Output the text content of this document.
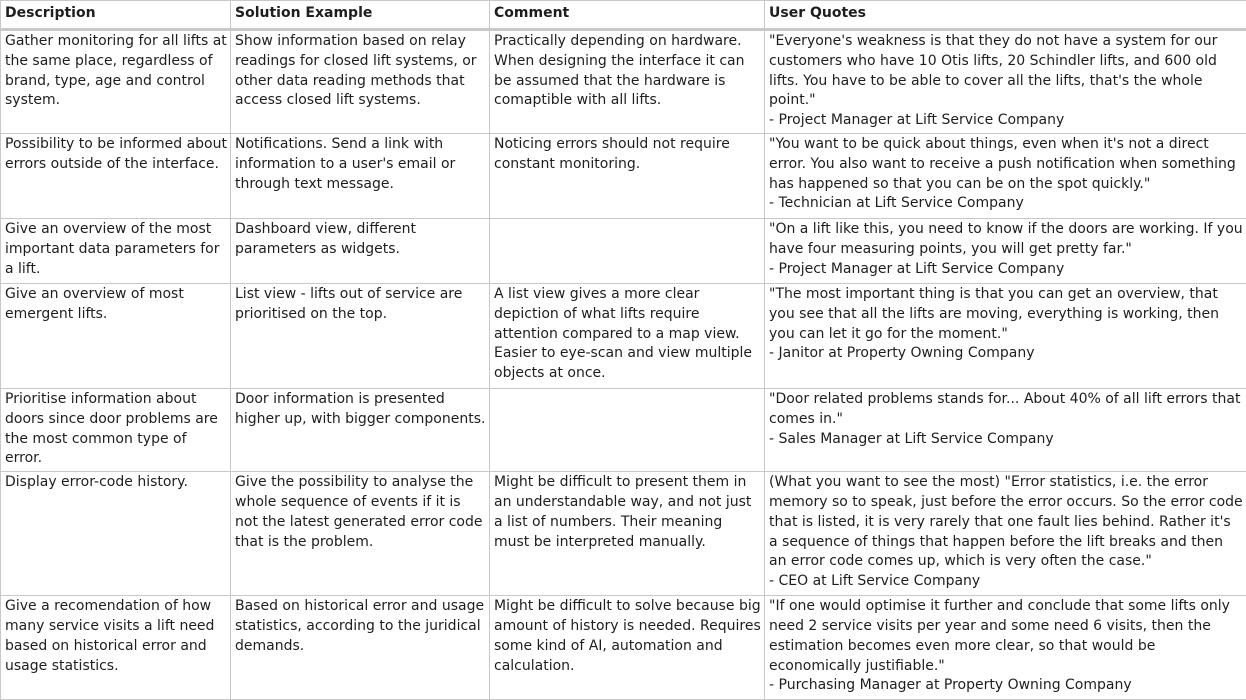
Description	Solution Example	Comment	User Quotes
Gather monitoring for all lifts at the same place, regardless of brand, type, age and control system.	Show information based on relay readings for closed lift systems, or other data reading methods that access closed lift systems.	Practically depending on hardware. When designing the interface it can be assumed that the hardware is comaptible with all lifts.	"Everyone's weakness is that they do not have a system for our customers who have 10 Otis lifts, 20 Schindler lifts, and 600 old lifts. You have to be able to cover all the lifts, that's the whole point."
- Project Manager at Lift Service Company
Possibility to be informed about errors outside of the interface.	Notifications. Send a link with information to a user's email or through text message.	Noticing errors should not require constant monitoring.	"You want to be quick about things, even when it's not a direct error. You also want to receive a push notification when something has happened so that you can be on the spot quickly."
- Technician at Lift Service Company
Give an overview of the most important data parameters for a lift.	Dashboard view, different parameters as widgets.		"On a lift like this, you need to know if the doors are working. If you have four measuring points, you will get pretty far."
- Project Manager at Lift Service Company
Give an overview of most emergent lifts.	List view - lifts out of service are prioritised on the top.	A list view gives a more clear depiction of what lifts require attention compared to a map view. Easier to eye-scan and view multiple objects at once.	"The most important thing is that you can get an overview, that you see that all the lifts are moving, everything is working, then you can let it go for the moment."
- Janitor at Property Owning Company
Prioritise information about doors since door problems are the most common type of error.	Door information is presented higher up, with bigger components.		"Door related problems stands for... About 40% of all lift errors that comes in."
- Sales Manager at Lift Service Company
Display error-code history.	Give the possibility to analyse the whole sequence of events if it is not the latest generated error code that is the problem.	Might be difficult to present them in an understandable way, and not just a list of numbers. Their meaning must be interpreted manually.	(What you want to see the most) "Error statistics, i.e. the error memory so to speak, just before the error occurs. So the error code that is listed, it is very rarely that one fault lies behind. Rather it's a sequence of things that happen before the lift breaks and then an error code comes up, which is very often the case."
- CEO at Lift Service Company
Give a recomendation of how many service visits a lift need based on historical error and usage statistics.	Based on historical error and usage statistics, according to the juridical demands.	Might be difficult to solve because big amount of history is needed. Requires some kind of AI, automation and calculation.	"If one would optimise it further and conclude that some lifts only need 2 service visits per year and some need 6 visits, then the estimation becomes even more clear, so that would be economically justifiable."
- Purchasing Manager at Property Owning Company
